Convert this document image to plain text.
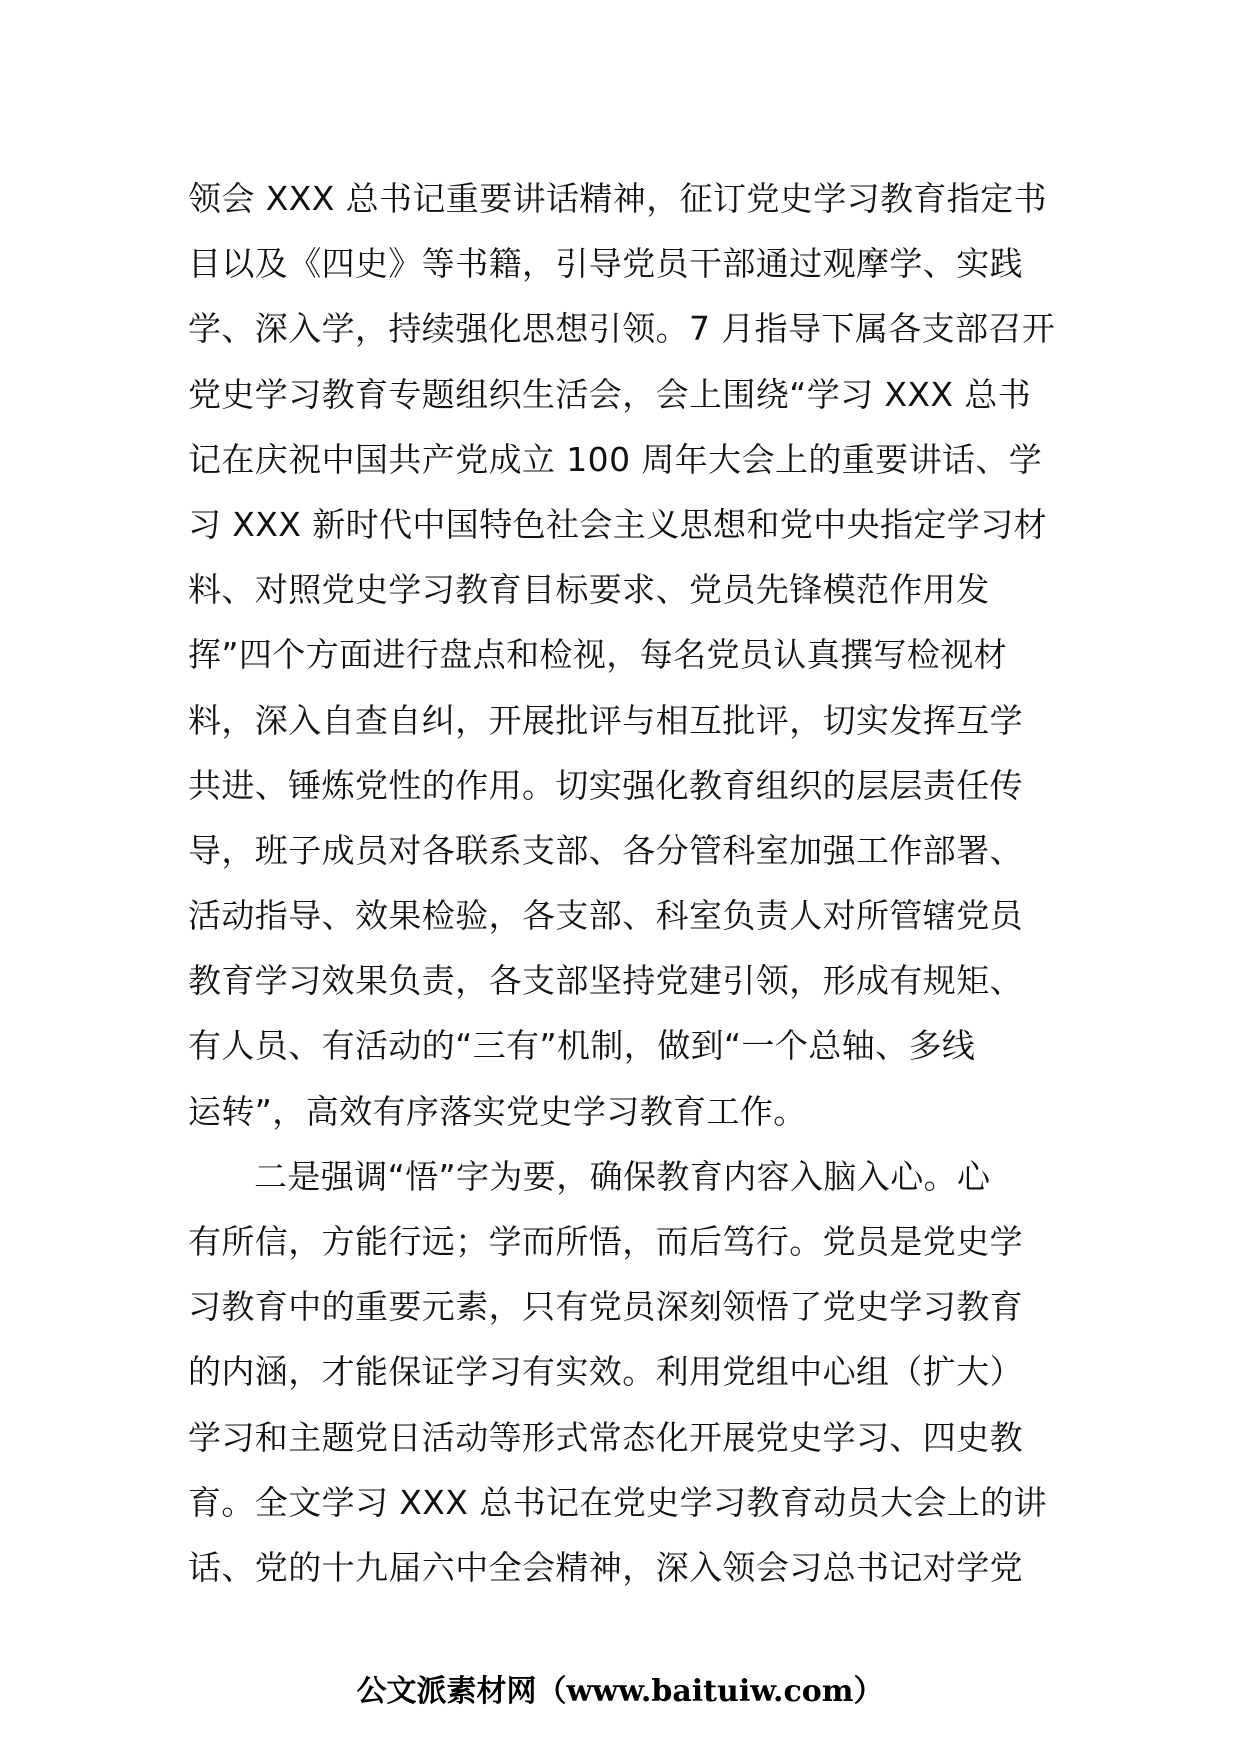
领会 XXX 总书记重要讲话精神，征订党史学习教育指定书
目以及《四史》等书籍，引导党员干部通过观摩学、实践
学、深入学，持续强化思想引领。7 月指导下属各支部召开
党史学习教育专题组织生活会，会上围绕“学习 XXX 总书
记在庆祝中国共产党成立 100 周年大会上的重要讲话、学
习 XXX 新时代中国特色社会主义思想和党中央指定学习材
料、对照党史学习教育目标要求、党员先锋模范作用发
挥”四个方面进行盘点和检视，每名党员认真撰写检视材
料，深入自查自纠，开展批评与相互批评，切实发挥互学
共进、锤炼党性的作用。切实强化教育组织的层层责任传
导，班子成员对各联系支部、各分管科室加强工作部署、
活动指导、效果检验，各支部、科室负责人对所管辖党员
教育学习效果负责，各支部坚持党建引领，形成有规矩、
有人员、有活动的“三有”机制，做到“一个总轴、多线
运转”，高效有序落实党史学习教育工作。
二是强调“悟”字为要，确保教育内容入脑入心。心
有所信，方能行远；学而所悟，而后笃行。党员是党史学
习教育中的重要元素，只有党员深刻领悟了党史学习教育
的内涵，才能保证学习有实效。利用党组中心组（扩大）
学习和主题党日活动等形式常态化开展党史学习、四史教
育。全文学习 XXX 总书记在党史学习教育动员大会上的讲
话、党的十九届六中全会精神，深入领会习总书记对学党
公文派素材网（www.baituiw.com）
